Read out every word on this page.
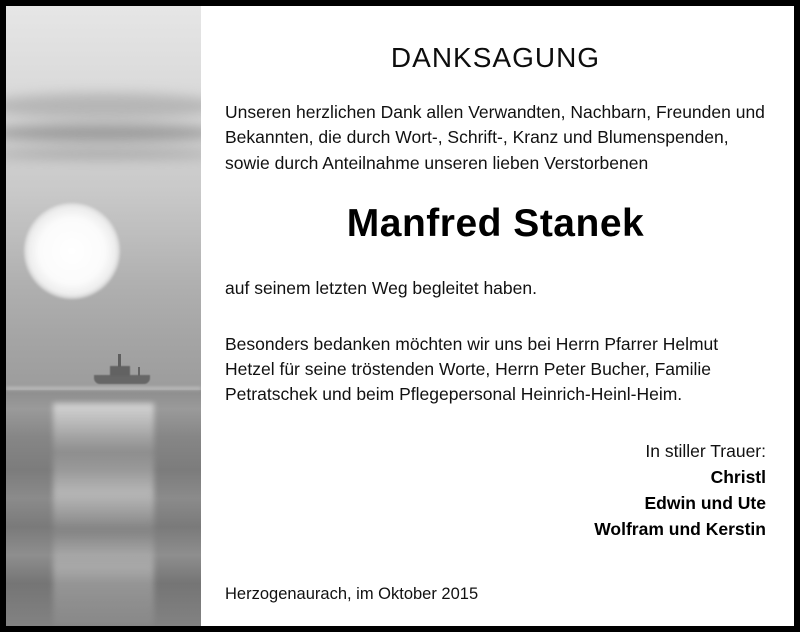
DANKSAGUNG

Unseren herzlichen Dank allen Verwandten, Nachbarn, Freunden und Bekannten, die durch Wort-, Schrift-, Kranz und Blumenspenden, sowie durch Anteilnahme unseren lieben Verstorbenen

Manfred Stanek

auf seinem letzten Weg begleitet haben.

Besonders bedanken möchten wir uns bei Herrn Pfarrer Helmut Hetzel für seine tröstenden Worte, Herrn Peter Bucher, Familie Petratschek und beim Pflegepersonal Heinrich-Heinl-Heim.

In stiller Trauer:
Christl
Edwin und Ute
Wolfram und Kerstin
Herzogenaurach, im Oktober 2015
